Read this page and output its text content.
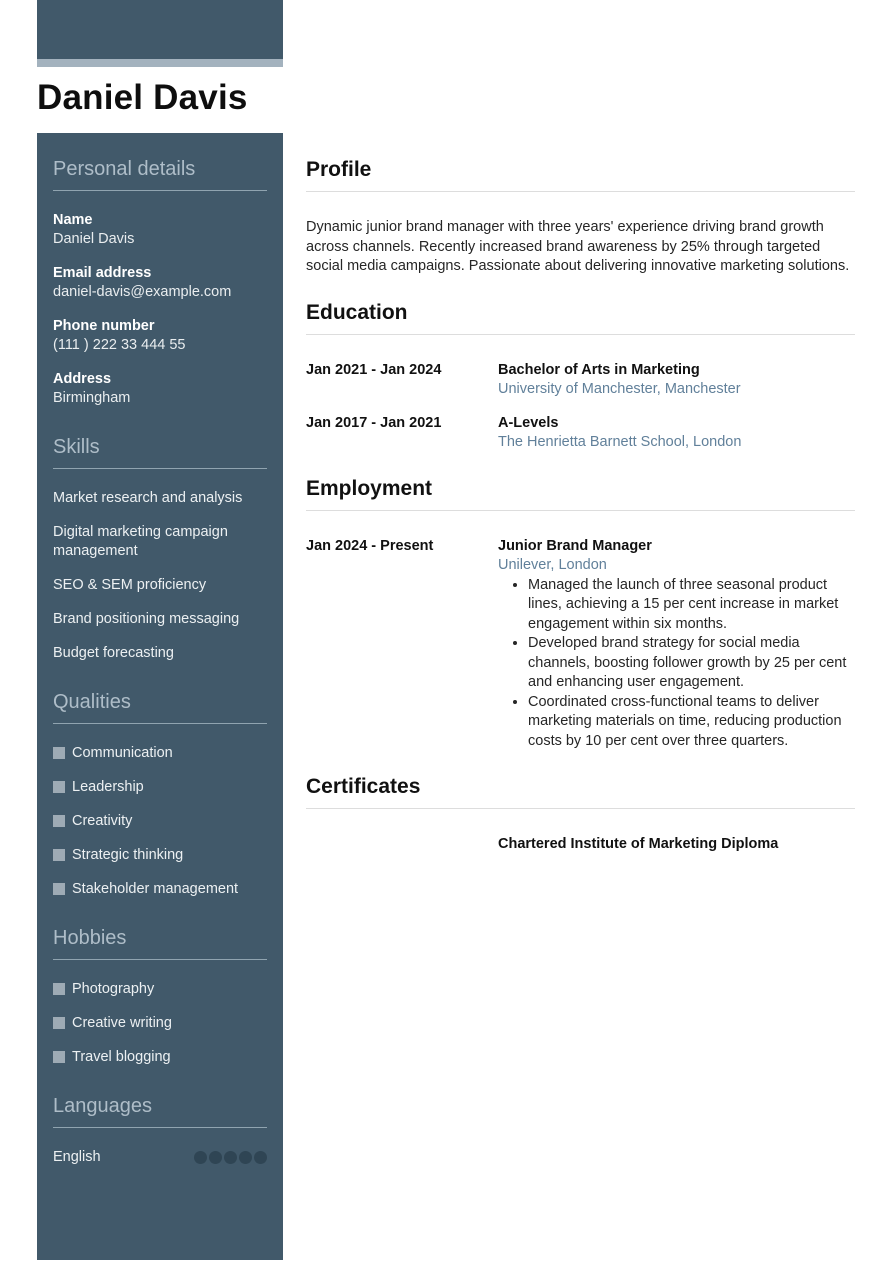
Daniel Davis
Personal details
Name
Daniel Davis
Email address
daniel-davis@example.com
Phone number
(111 ) 222 33 444 55
Address
Birmingham
Skills
Market research and analysis
Digital marketing campaign management
SEO & SEM proficiency
Brand positioning messaging
Budget forecasting
Qualities
Communication
Leadership
Creativity
Strategic thinking
Stakeholder management
Hobbies
Photography
Creative writing
Travel blogging
Languages
English
Profile

Dynamic junior brand manager with three years' experience driving brand growth across channels. Recently increased brand awareness by 25% through targeted social media campaigns. Passionate about delivering innovative marketing solutions.

Education
Jan 2021 - Jan 2024	Bachelor of Arts in Marketing
University of Manchester, Manchester
Jan 2017 - Jan 2021	A-Levels
The Henrietta Barnett School, London
Employment
Jan 2024 - Present	Junior Brand Manager
Unilever, London
• Managed the launch of three seasonal product lines, achieving a 15 per cent increase in market engagement within six months.
• Developed brand strategy for social media channels, boosting follower growth by 25 per cent and enhancing user engagement.
• Coordinated cross-functional teams to deliver marketing materials on time, reducing production costs by 10 per cent over three quarters.
Certificates
Chartered Institute of Marketing Diploma
